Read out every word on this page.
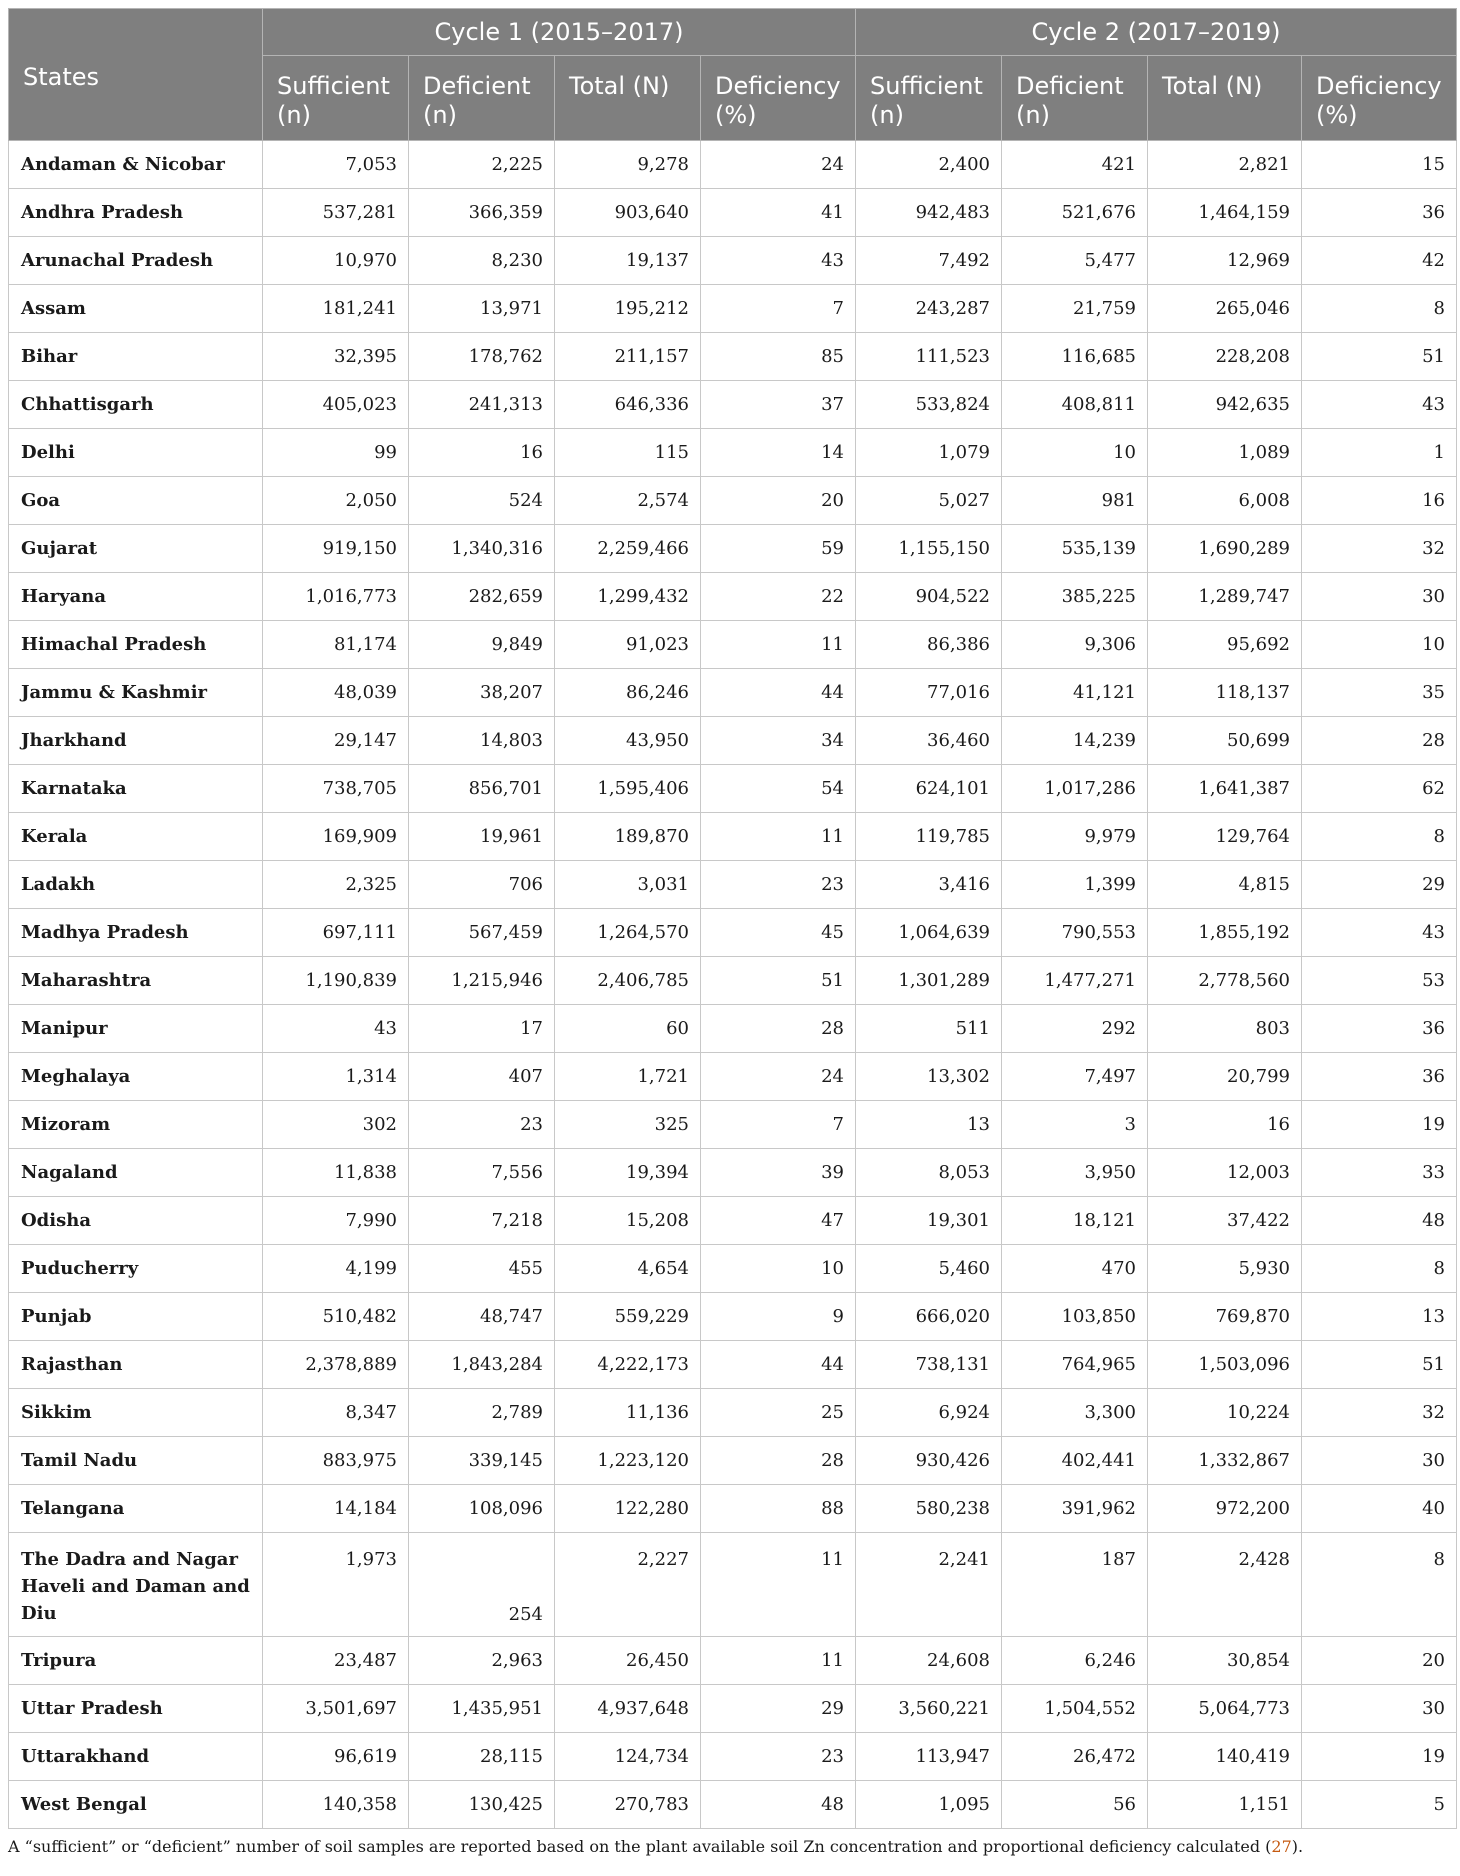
States	Cycle 1 (2015–2017)				Cycle 2 (2017–2019)			
	Sufficient (n)	Deficient (n)	Total (N)	Deficiency (%)	Sufficient (n)	Deficient (n)	Total (N)	Deficiency (%)
Andaman & Nicobar	7,053	2,225	9,278	24	2,400	421	2,821	15
Andhra Pradesh	537,281	366,359	903,640	41	942,483	521,676	1,464,159	36
Arunachal Pradesh	10,970	8,230	19,137	43	7,492	5,477	12,969	42
Assam	181,241	13,971	195,212	7	243,287	21,759	265,046	8
Bihar	32,395	178,762	211,157	85	111,523	116,685	228,208	51
Chhattisgarh	405,023	241,313	646,336	37	533,824	408,811	942,635	43
Delhi	99	16	115	14	1,079	10	1,089	1
Goa	2,050	524	2,574	20	5,027	981	6,008	16
Gujarat	919,150	1,340,316	2,259,466	59	1,155,150	535,139	1,690,289	32
Haryana	1,016,773	282,659	1,299,432	22	904,522	385,225	1,289,747	30
Himachal Pradesh	81,174	9,849	91,023	11	86,386	9,306	95,692	10
Jammu & Kashmir	48,039	38,207	86,246	44	77,016	41,121	118,137	35
Jharkhand	29,147	14,803	43,950	34	36,460	14,239	50,699	28
Karnataka	738,705	856,701	1,595,406	54	624,101	1,017,286	1,641,387	62
Kerala	169,909	19,961	189,870	11	119,785	9,979	129,764	8
Ladakh	2,325	706	3,031	23	3,416	1,399	4,815	29
Madhya Pradesh	697,111	567,459	1,264,570	45	1,064,639	790,553	1,855,192	43
Maharashtra	1,190,839	1,215,946	2,406,785	51	1,301,289	1,477,271	2,778,560	53
Manipur	43	17	60	28	511	292	803	36
Meghalaya	1,314	407	1,721	24	13,302	7,497	20,799	36
Mizoram	302	23	325	7	13	3	16	19
Nagaland	11,838	7,556	19,394	39	8,053	3,950	12,003	33
Odisha	7,990	7,218	15,208	47	19,301	18,121	37,422	48
Puducherry	4,199	455	4,654	10	5,460	470	5,930	8
Punjab	510,482	48,747	559,229	9	666,020	103,850	769,870	13
Rajasthan	2,378,889	1,843,284	4,222,173	44	738,131	764,965	1,503,096	51
Sikkim	8,347	2,789	11,136	25	6,924	3,300	10,224	32
Tamil Nadu	883,975	339,145	1,223,120	28	930,426	402,441	1,332,867	30
Telangana	14,184	108,096	122,280	88	580,238	391,962	972,200	40
The Dadra and Nagar Haveli and Daman and Diu	1,973	254	2,227	11	2,241	187	2,428	8
Tripura	23,487	2,963	26,450	11	24,608	6,246	30,854	20
Uttar Pradesh	3,501,697	1,435,951	4,937,648	29	3,560,221	1,504,552	5,064,773	30
Uttarakhand	96,619	28,115	124,734	23	113,947	26,472	140,419	19
West Bengal	140,358	130,425	270,783	48	1,095	56	1,151	5
A “sufficient” or “deficient” number of soil samples are reported based on the plant available soil Zn concentration and proportional deficiency calculated (27).
